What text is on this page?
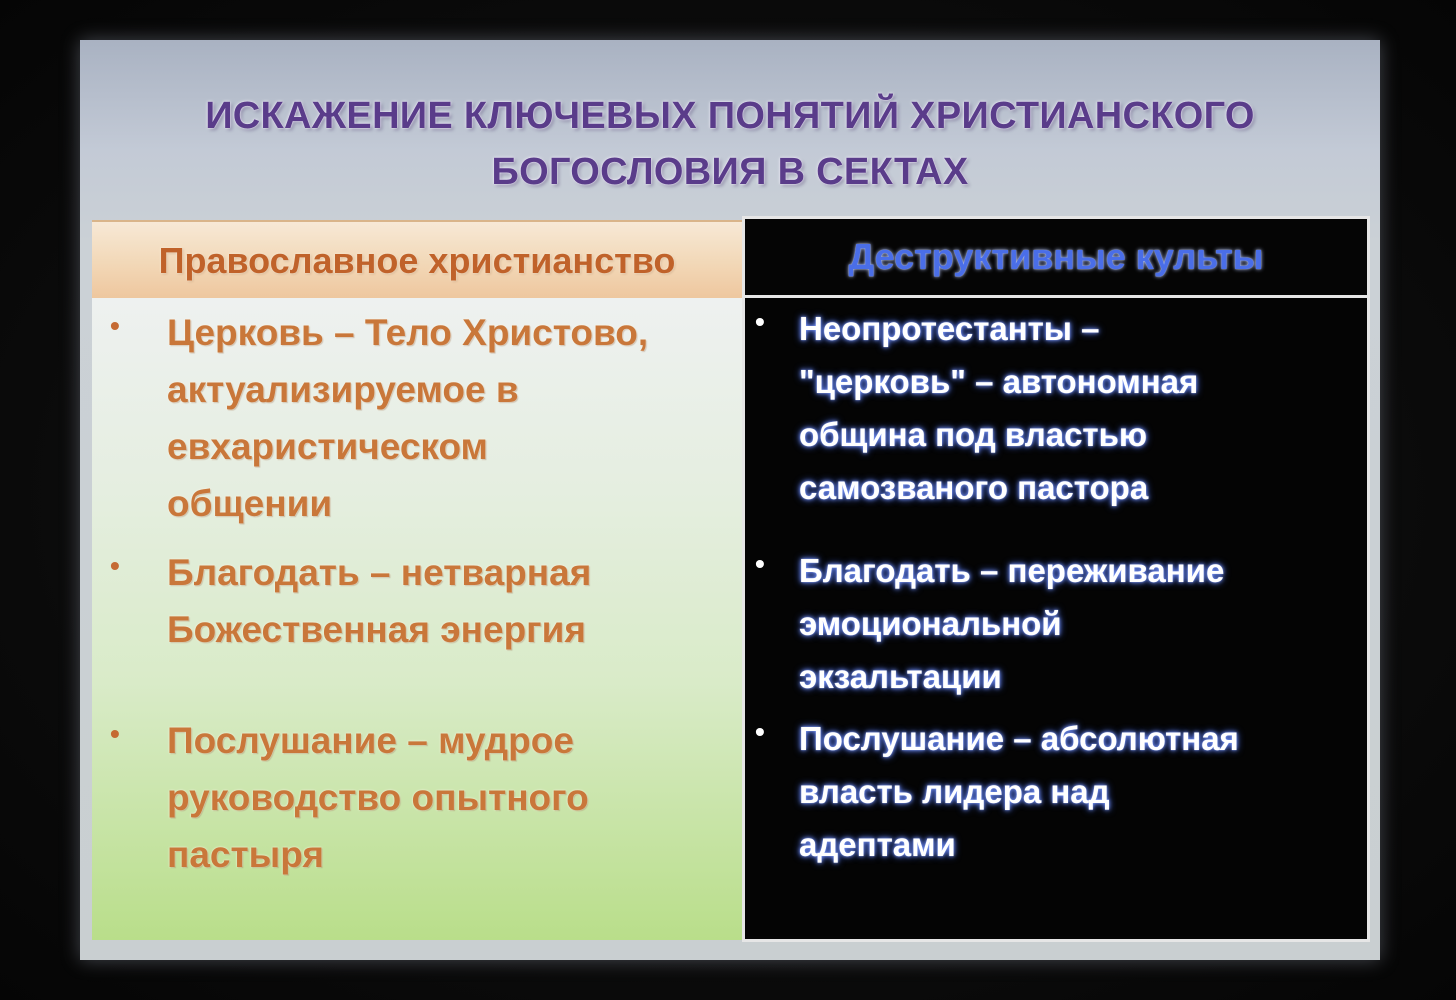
ИСКАЖЕНИЕ КЛЮЧЕВЫХ ПОНЯТИЙ ХРИСТИАНСКОГО
БОГОСЛОВИЯ В СЕКТАХ
Православное христианство
• Церковь – Тело Христово,
актуализируемое в
евхаристическом
общении
• Благодать – нетварная
Божественная энергия
• Послушание – мудрое
руководство опытного
пастыря
Деструктивные культы
• Неопротестанты –
"церковь" – автономная
община под властью
самозваного пастора
• Благодать – переживание
эмоциональной
экзальтации
• Послушание – абсолютная
власть лидера над
адептами
